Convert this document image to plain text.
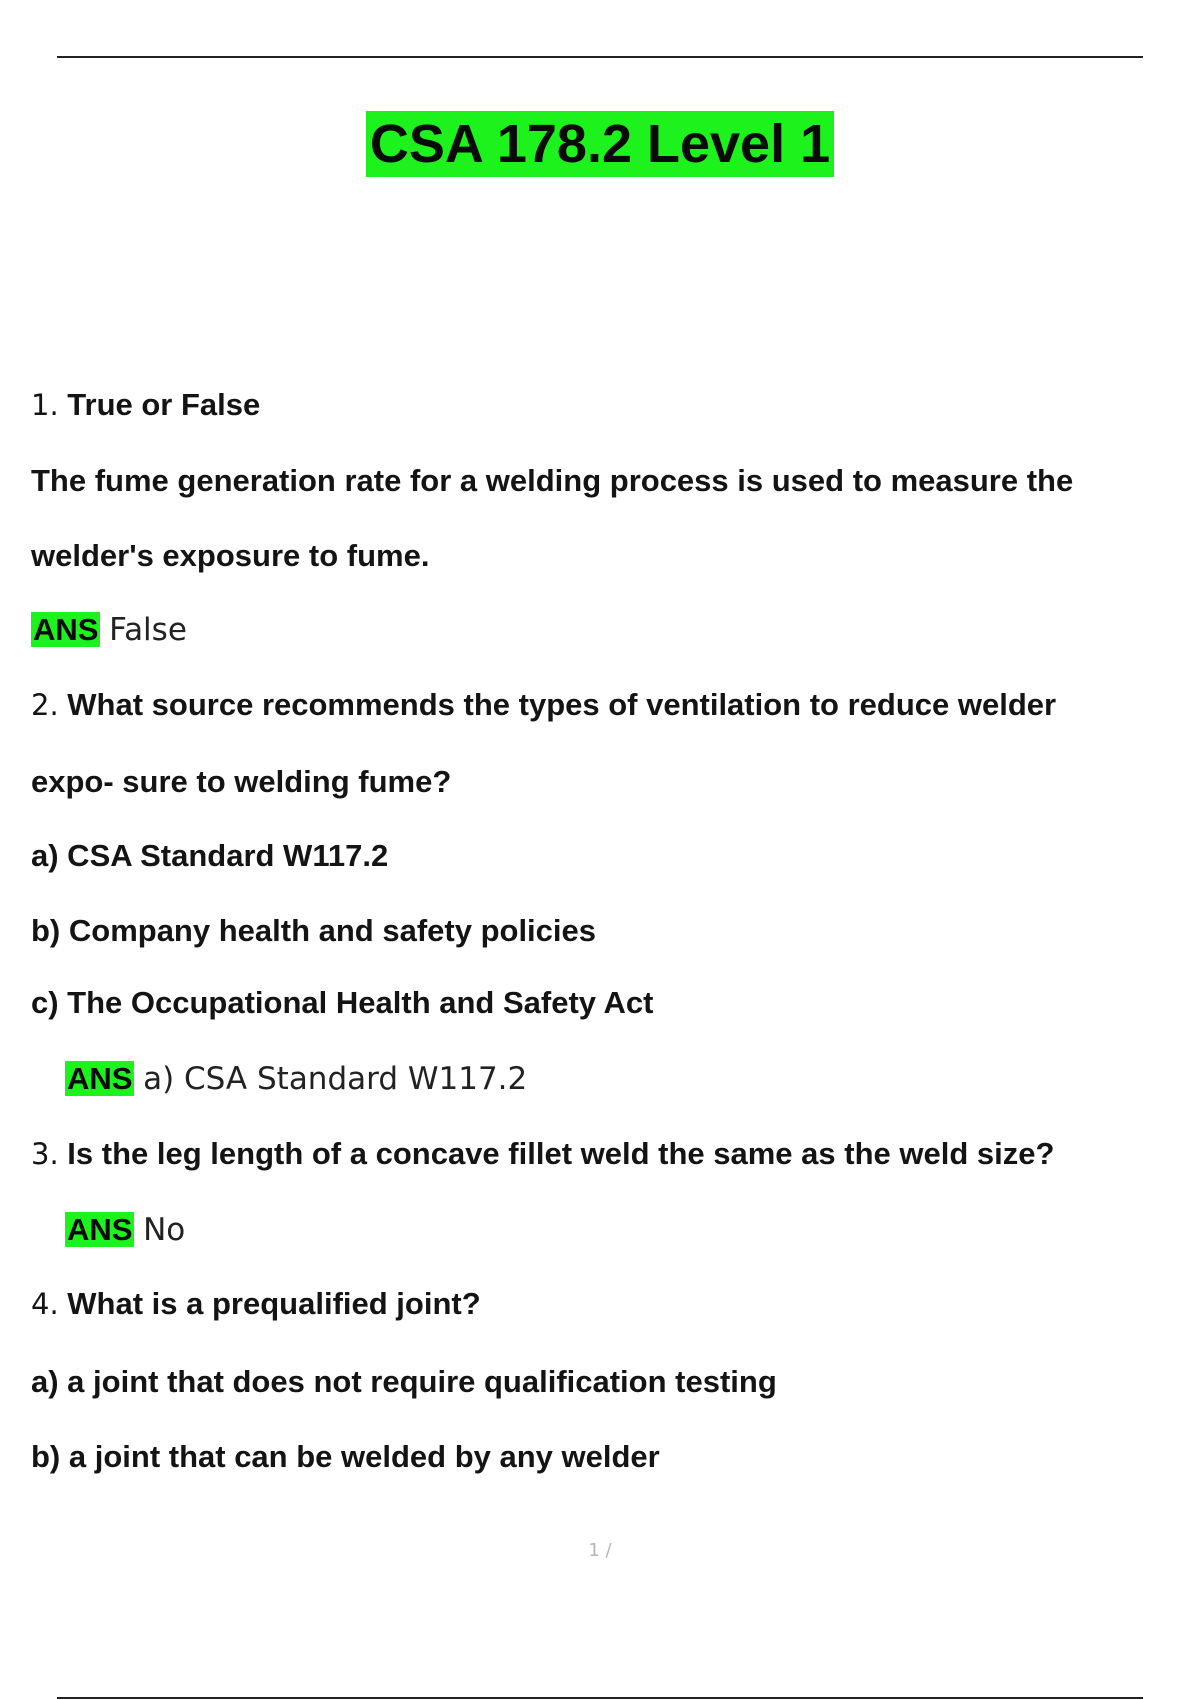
CSA 178.2 Level 1
1. True or False
The fume generation rate for a welding process is used to measure the
welder's exposure to fume.
ANS False
2. What source recommends the types of ventilation to reduce welder
expo- sure to welding fume?
a) CSA Standard W117.2
b) Company health and safety policies
c) The Occupational Health and Safety Act
ANS a) CSA Standard W117.2
3. Is the leg length of a concave fillet weld the same as the weld size?
ANS No
4. What is a prequalified joint?
a) a joint that does not require qualification testing
b) a joint that can be welded by any welder
1 /
